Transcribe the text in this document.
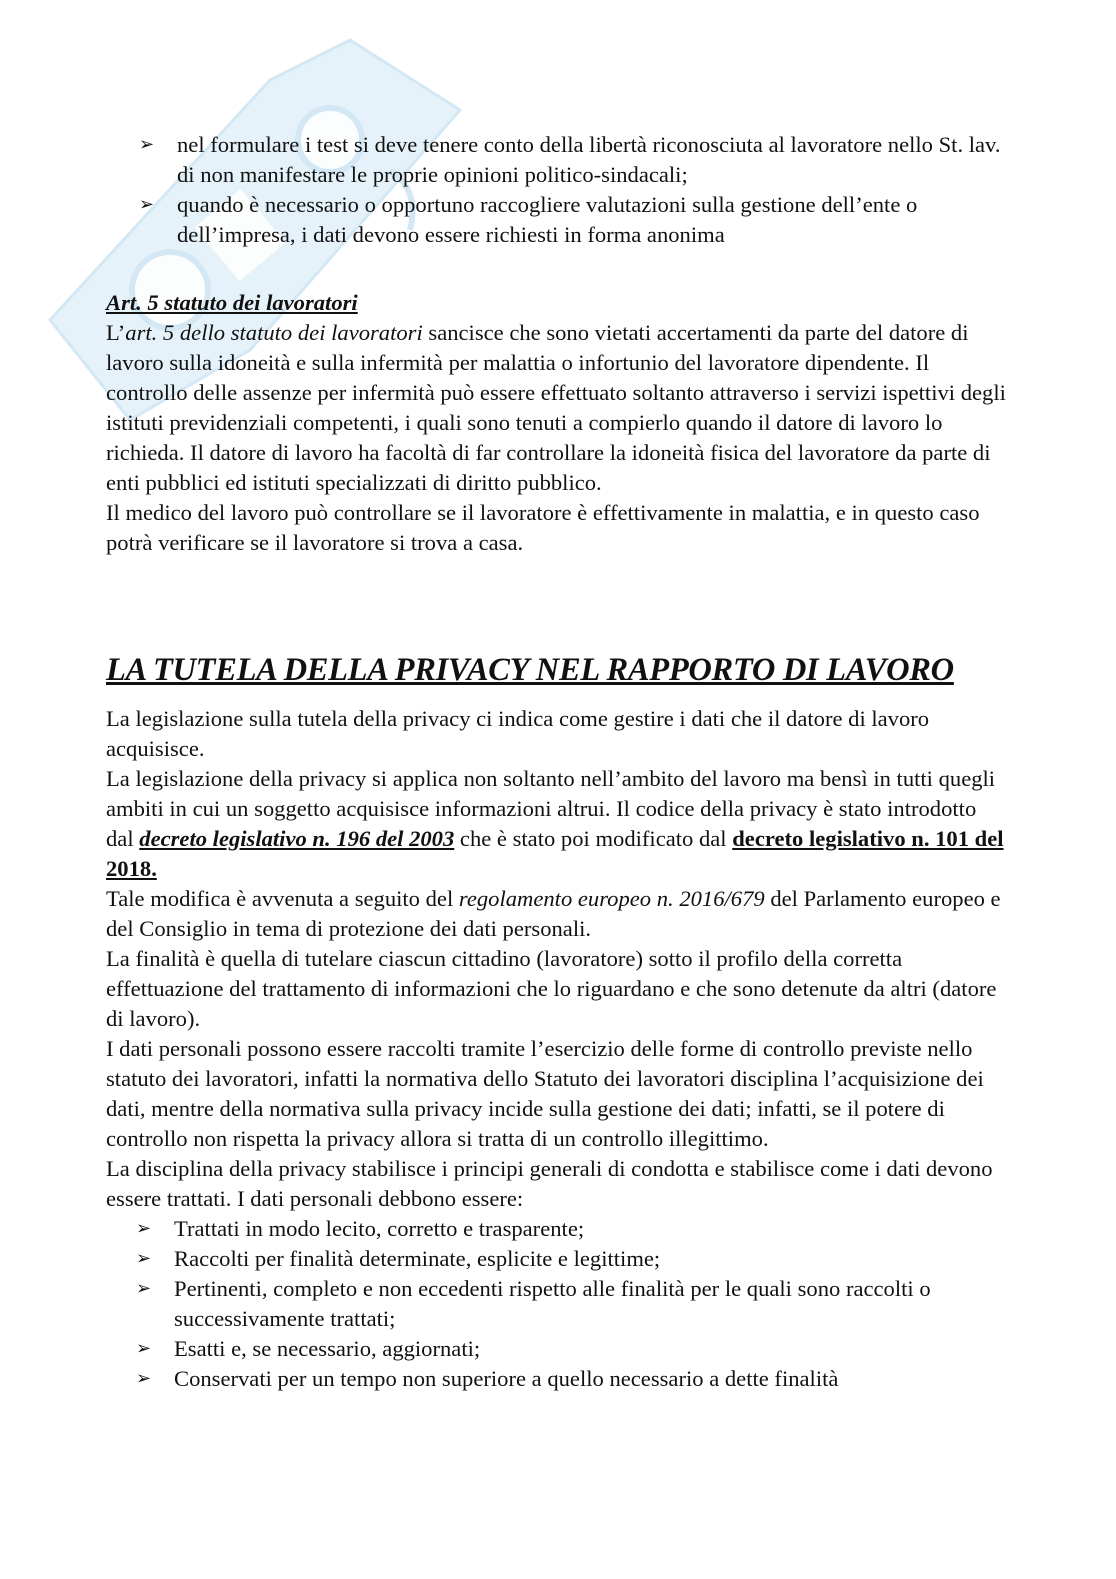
➢ nel formulare i test si deve tenere conto della libertà riconosciuta al lavoratore nello St. lav. di non manifestare le proprie opinioni politico-sindacali;
➢ quando è necessario o opportuno raccogliere valutazioni sulla gestione dell’ente o dell’impresa, i dati devono essere richiesti in forma anonima
Art. 5 statuto dei lavoratori

L’art. 5 dello statuto dei lavoratori sancisce che sono vietati accertamenti da parte del datore di lavoro sulla idoneità e sulla infermità per malattia o infortunio del lavoratore dipendente. Il controllo delle assenze per infermità può essere effettuato soltanto attraverso i servizi ispettivi degli istituti previdenziali competenti, i quali sono tenuti a compierlo quando il datore di lavoro lo richieda. Il datore di lavoro ha facoltà di far controllare la idoneità fisica del lavoratore da parte di enti pubblici ed istituti specializzati di diritto pubblico.

Il medico del lavoro può controllare se il lavoratore è effettivamente in malattia, e in questo caso potrà verificare se il lavoratore si trova a casa.

LA TUTELA DELLA PRIVACY NEL RAPPORTO DI LAVORO

La legislazione sulla tutela della privacy ci indica come gestire i dati che il datore di lavoro acquisisce.

La legislazione della privacy si applica non soltanto nell’ambito del lavoro ma bensì in tutti quegli ambiti in cui un soggetto acquisisce informazioni altrui. Il codice della privacy è stato introdotto dal decreto legislativo n. 196 del 2003 che è stato poi modificato dal decreto legislativo n. 101 del 2018.

Tale modifica è avvenuta a seguito del regolamento europeo n. 2016/679 del Parlamento europeo e del Consiglio in tema di protezione dei dati personali.

La finalità è quella di tutelare ciascun cittadino (lavoratore) sotto il profilo della corretta effettuazione del trattamento di informazioni che lo riguardano e che sono detenute da altri (datore di lavoro).

I dati personali possono essere raccolti tramite l’esercizio delle forme di controllo previste nello statuto dei lavoratori, infatti la normativa dello Statuto dei lavoratori disciplina l’acquisizione dei dati, mentre della normativa sulla privacy incide sulla gestione dei dati; infatti, se il potere di controllo non rispetta la privacy allora si tratta di un controllo illegittimo.

La disciplina della privacy stabilisce i principi generali di condotta e stabilisce come i dati devono essere trattati. I dati personali debbono essere:

➢ Trattati in modo lecito, corretto e trasparente;
➢ Raccolti per finalità determinate, esplicite e legittime;
➢ Pertinenti, completo e non eccedenti rispetto alle finalità per le quali sono raccolti o successivamente trattati;
➢ Esatti e, se necessario, aggiornati;
➢ Conservati per un tempo non superiore a quello necessario a dette finalità
